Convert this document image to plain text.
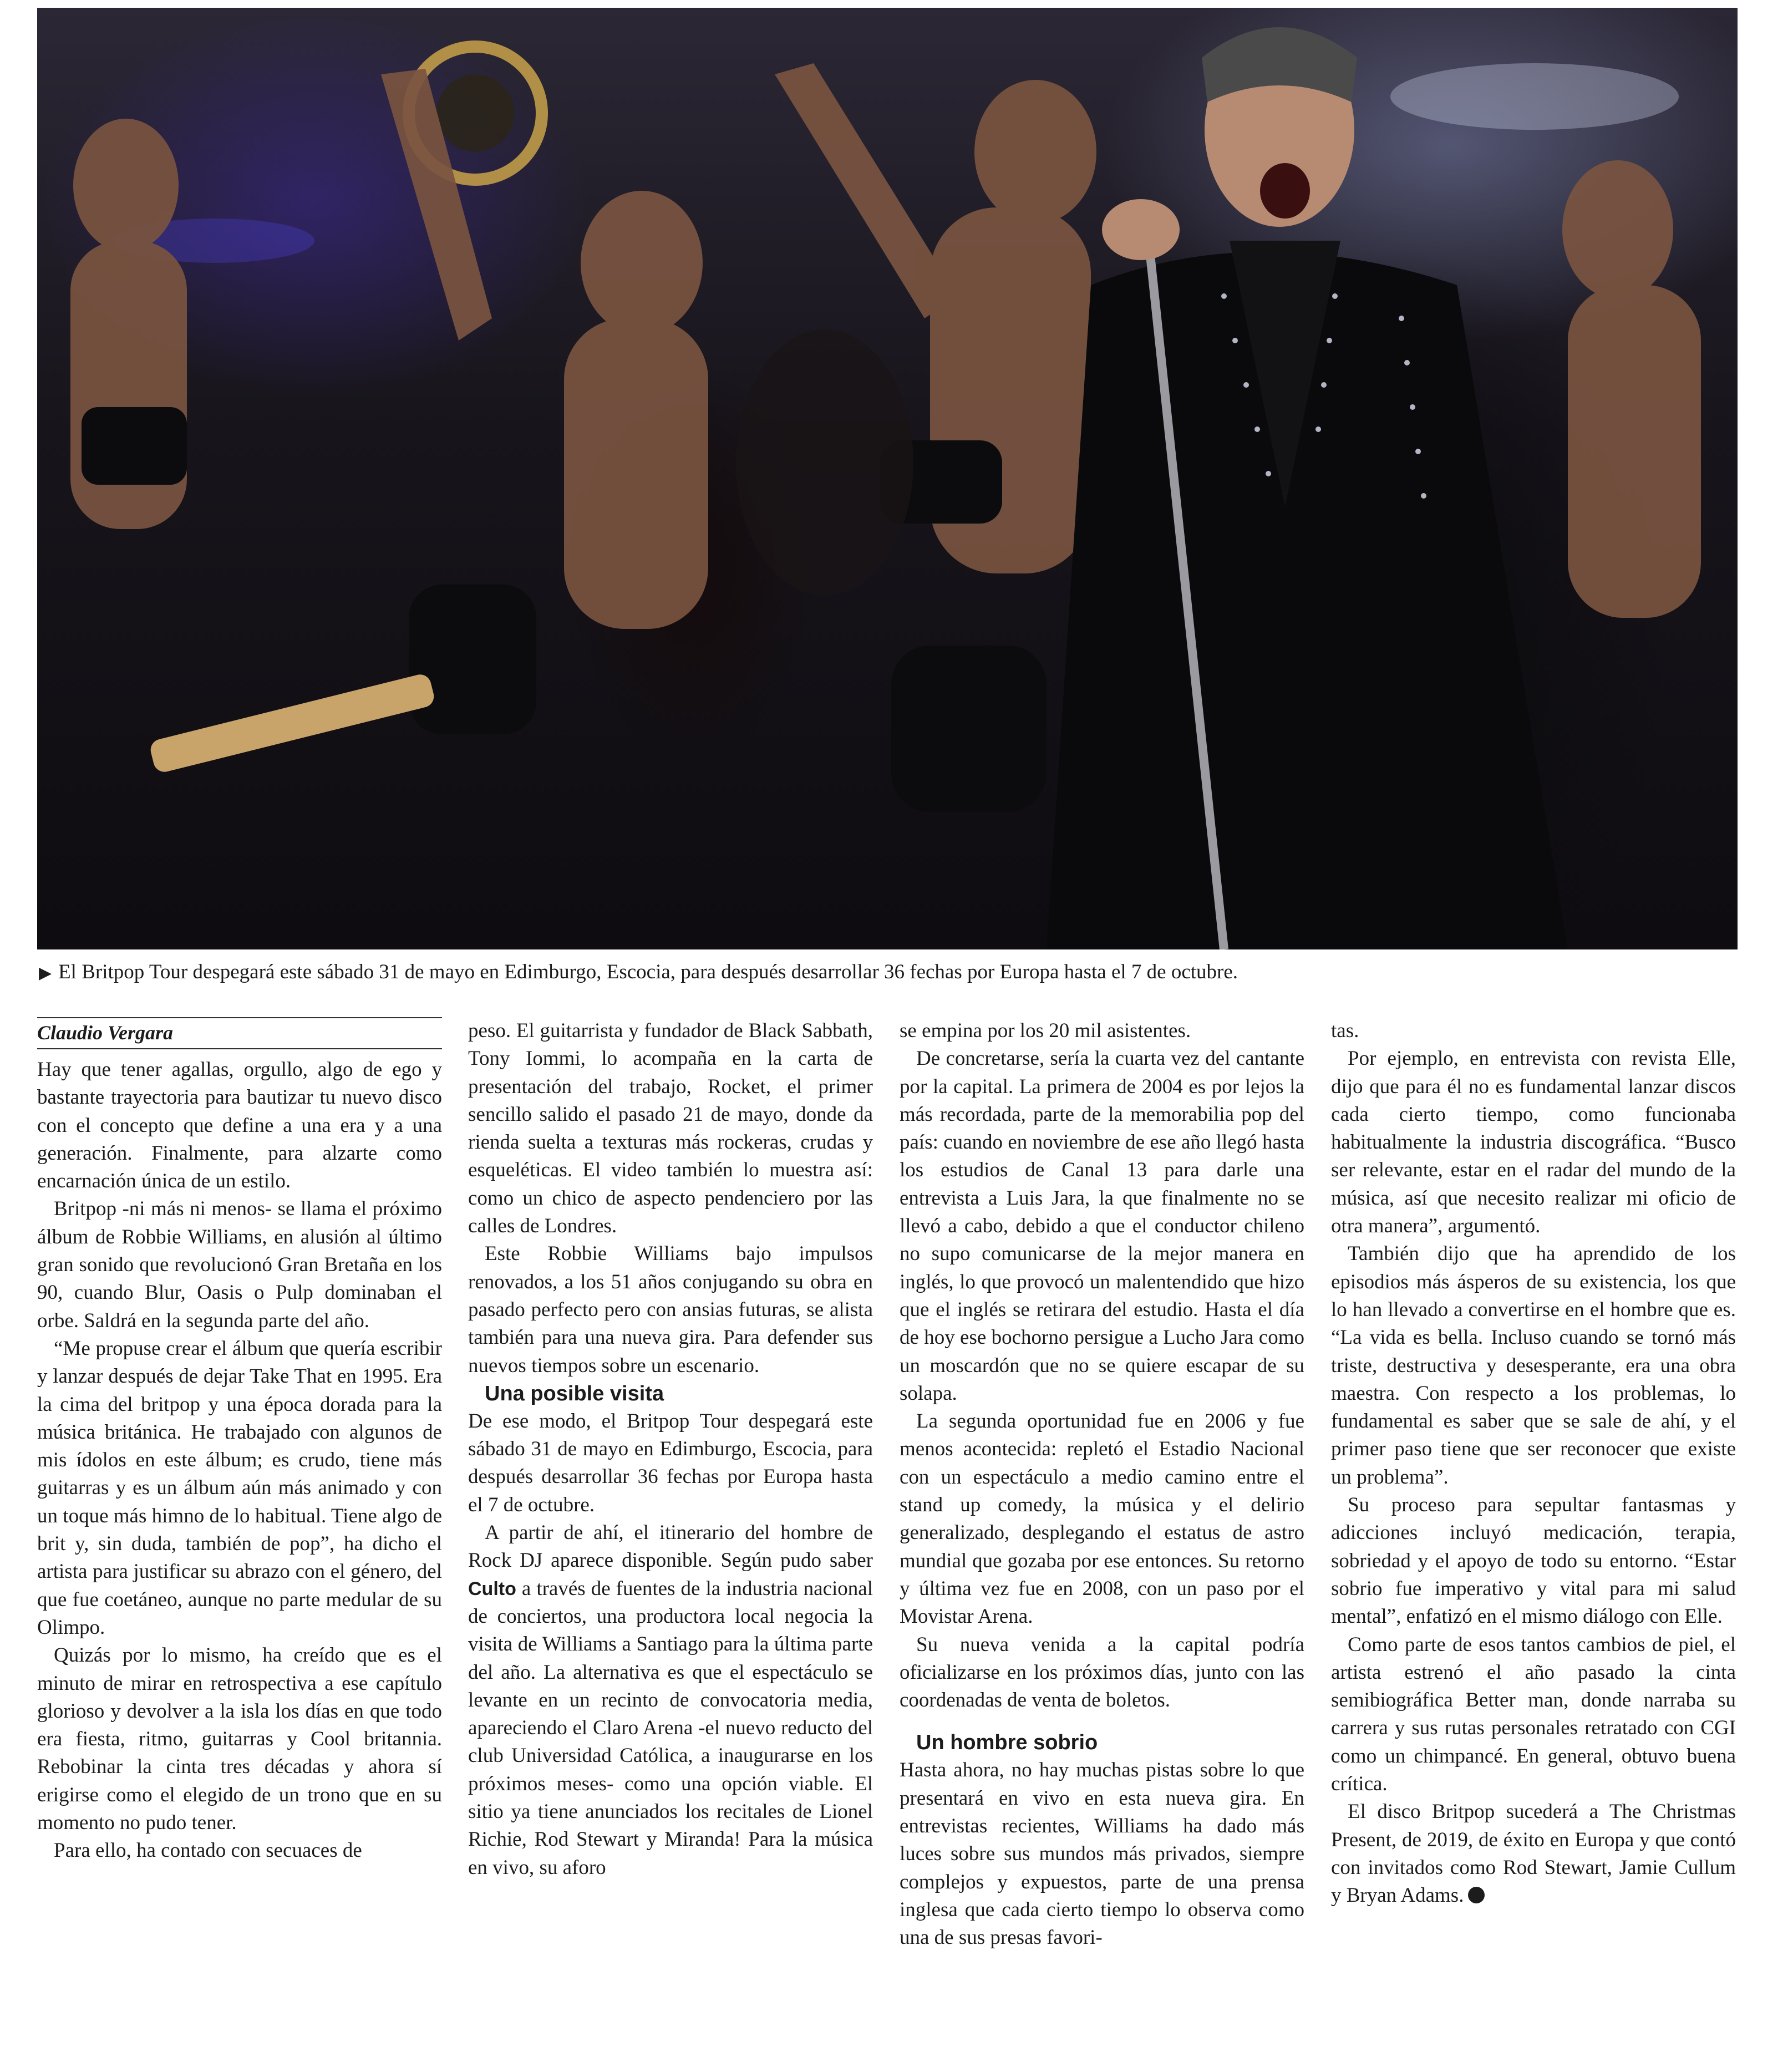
▶ El Britpop Tour despegará este sábado 31 de mayo en Edimburgo, Escocia, para después desarrollar 36 fechas por Europa hasta el 7 de octubre.
Claudio Vergara

Hay que tener agallas, orgullo, algo de ego y bastante trayectoria para bautizar tu nuevo disco con el concepto que define a una era y a una generación. Finalmente, para alzarte como encarnación única de un estilo.

Britpop -ni más ni menos- se llama el próximo álbum de Robbie Williams, en alusión al último gran sonido que revolucionó Gran Bretaña en los 90, cuando Blur, Oasis o Pulp dominaban el orbe. Saldrá en la segunda parte del año.

“Me propuse crear el álbum que quería escribir y lanzar después de dejar Take That en 1995. Era la cima del britpop y una época dorada para la música británica. He trabajado con algunos de mis ídolos en este álbum; es crudo, tiene más guitarras y es un álbum aún más animado y con un toque más himno de lo habitual. Tiene algo de brit y, sin duda, también de pop”, ha dicho el artista para justificar su abrazo con el género, del que fue coetáneo, aunque no parte medular de su Olimpo.

Quizás por lo mismo, ha creído que es el minuto de mirar en retrospectiva a ese capítulo glorioso y devolver a la isla los días en que todo era fiesta, ritmo, guitarras y Cool britannia. Rebobinar la cinta tres décadas y ahora sí erigirse como el elegido de un trono que en su momento no pudo tener.

Para ello, ha contado con secuaces de

peso. El guitarrista y fundador de Black Sabbath, Tony Iommi, lo acompaña en la carta de presentación del trabajo, Rocket, el primer sencillo salido el pasado 21 de mayo, donde da rienda suelta a texturas más rockeras, crudas y esqueléticas. El video también lo muestra así: como un chico de aspecto pendenciero por las calles de Londres.

Este Robbie Williams bajo impulsos renovados, a los 51 años conjugando su obra en pasado perfecto pero con ansias futuras, se alista también para una nueva gira. Para defender sus nuevos tiempos sobre un escenario.

Una posible visita

De ese modo, el Britpop Tour despegará este sábado 31 de mayo en Edimburgo, Escocia, para después desarrollar 36 fechas por Europa hasta el 7 de octubre.

A partir de ahí, el itinerario del hombre de Rock DJ aparece disponible. Según pudo saber Culto a través de fuentes de la industria nacional de conciertos, una productora local negocia la visita de Williams a Santiago para la última parte del año. La alternativa es que el espectáculo se levante en un recinto de convocatoria media, apareciendo el Claro Arena -el nuevo reducto del club Universidad Católica, a inaugurarse en los próximos meses- como una opción viable. El sitio ya tiene anunciados los recitales de Lionel Richie, Rod Stewart y Miranda! Para la música en vivo, su aforo

se empina por los 20 mil asistentes.

De concretarse, sería la cuarta vez del cantante por la capital. La primera de 2004 es por lejos la más recordada, parte de la memorabilia pop del país: cuando en noviembre de ese año llegó hasta los estudios de Canal 13 para darle una entrevista a Luis Jara, la que finalmente no se llevó a cabo, debido a que el conductor chileno no supo comunicarse de la mejor manera en inglés, lo que provocó un malentendido que hizo que el inglés se retirara del estudio. Hasta el día de hoy ese bochorno persigue a Lucho Jara como un moscardón que no se quiere escapar de su solapa.

La segunda oportunidad fue en 2006 y fue menos acontecida: repletó el Estadio Nacional con un espectáculo a medio camino entre el stand up comedy, la música y el delirio generalizado, desplegando el estatus de astro mundial que gozaba por ese entonces. Su retorno y última vez fue en 2008, con un paso por el Movistar Arena.

Su nueva venida a la capital podría oficializarse en los próximos días, junto con las coordenadas de venta de boletos.

Un hombre sobrio

Hasta ahora, no hay muchas pistas sobre lo que presentará en vivo en esta nueva gira. En entrevistas recientes, Williams ha dado más luces sobre sus mundos más privados, siempre complejos y expuestos, parte de una prensa inglesa que cada cierto tiempo lo observa como una de sus presas favori-

tas.

Por ejemplo, en entrevista con revista Elle, dijo que para él no es fundamental lanzar discos cada cierto tiempo, como funcionaba habitualmente la industria discográfica. “Busco ser relevante, estar en el radar del mundo de la música, así que necesito realizar mi oficio de otra manera”, argumentó.

También dijo que ha aprendido de los episodios más ásperos de su existencia, los que lo han llevado a convertirse en el hombre que es. “La vida es bella. Incluso cuando se tornó más triste, destructiva y desesperante, era una obra maestra. Con respecto a los problemas, lo fundamental es saber que se sale de ahí, y el primer paso tiene que ser reconocer que existe un problema”.

Su proceso para sepultar fantasmas y adicciones incluyó medicación, terapia, sobriedad y el apoyo de todo su entorno. “Estar sobrio fue imperativo y vital para mi salud mental”, enfatizó en el mismo diálogo con Elle.

Como parte de esos tantos cambios de piel, el artista estrenó el año pasado la cinta semibiográfica Better man, donde narraba su carrera y sus rutas personales retratado con CGI como un chimpancé. En general, obtuvo buena crítica.

El disco Britpop sucederá a The Christmas Present, de 2019, de éxito en Europa y que contó con invitados como Rod Stewart, Jamie Cullum y Bryan Adams.
